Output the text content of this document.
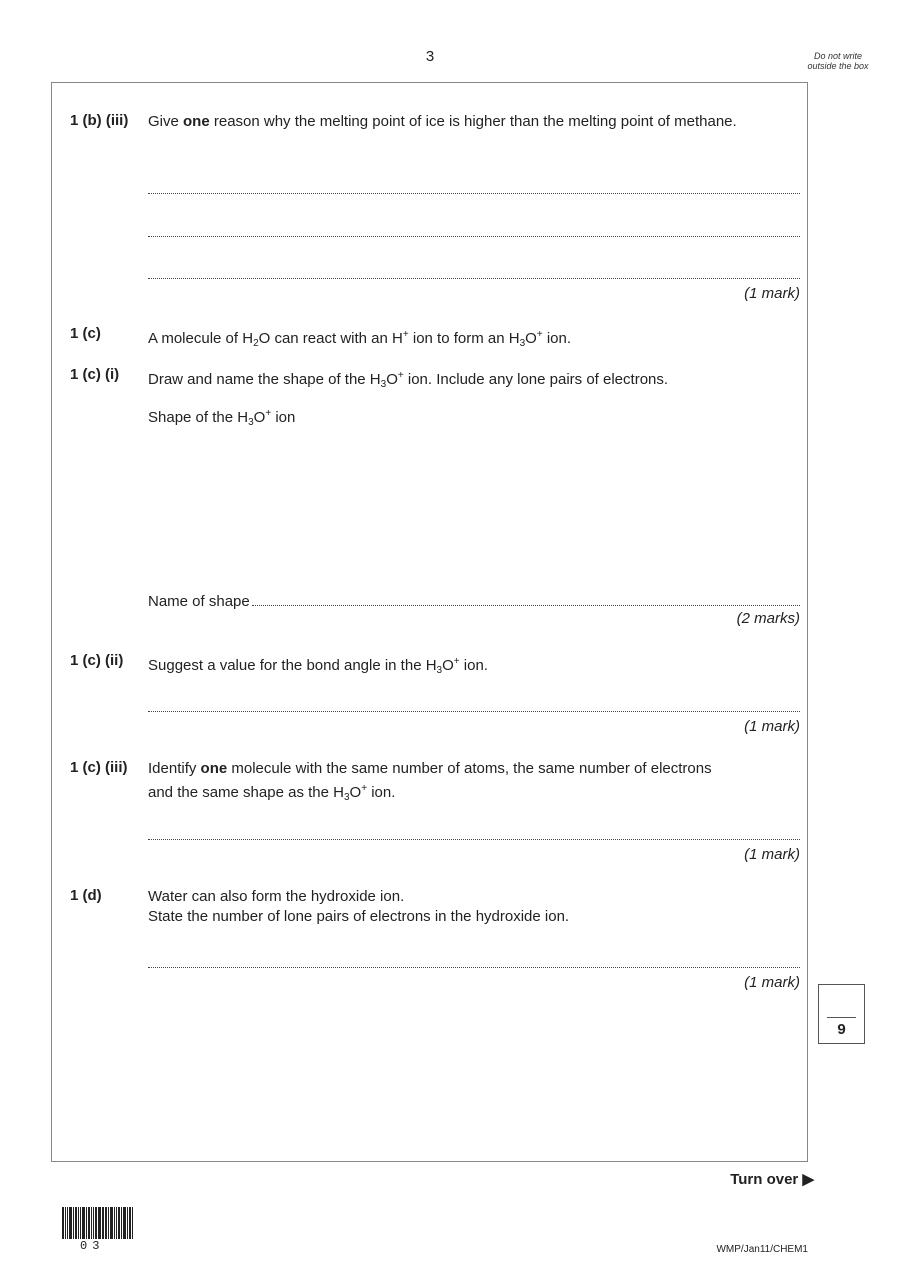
3	Do not write outside the box
1 (b) (iii) Give one reason why the melting point of ice is higher than the melting point of methane.
(1 mark)
1 (c)	A molecule of $H_2O$ can react with an H+ ion to form an $H_3O^+$ ion.
1 (c) (i) Draw and name the shape of the $H_3O^+$ ion. Include any lone pairs of electrons.
Shape of the $H_3O^+$ ion
Name of shape
(2 marks)
1 (c) (ii) Suggest a value for the bond angle in the $H_3O^+$ ion.
(1 mark)
1 (c) (iii) Identify one molecule with the same number of atoms, the same number of electrons and the same shape as the $H_3O^+$ ion.
(1 mark)
1 (d)	Water can also form the hydroxide ion.
State the number of lone pairs of electrons in the hydroxide ion.
(1 mark)
9
Turn over ▶
03	WMP/Jan11/CHEM1
